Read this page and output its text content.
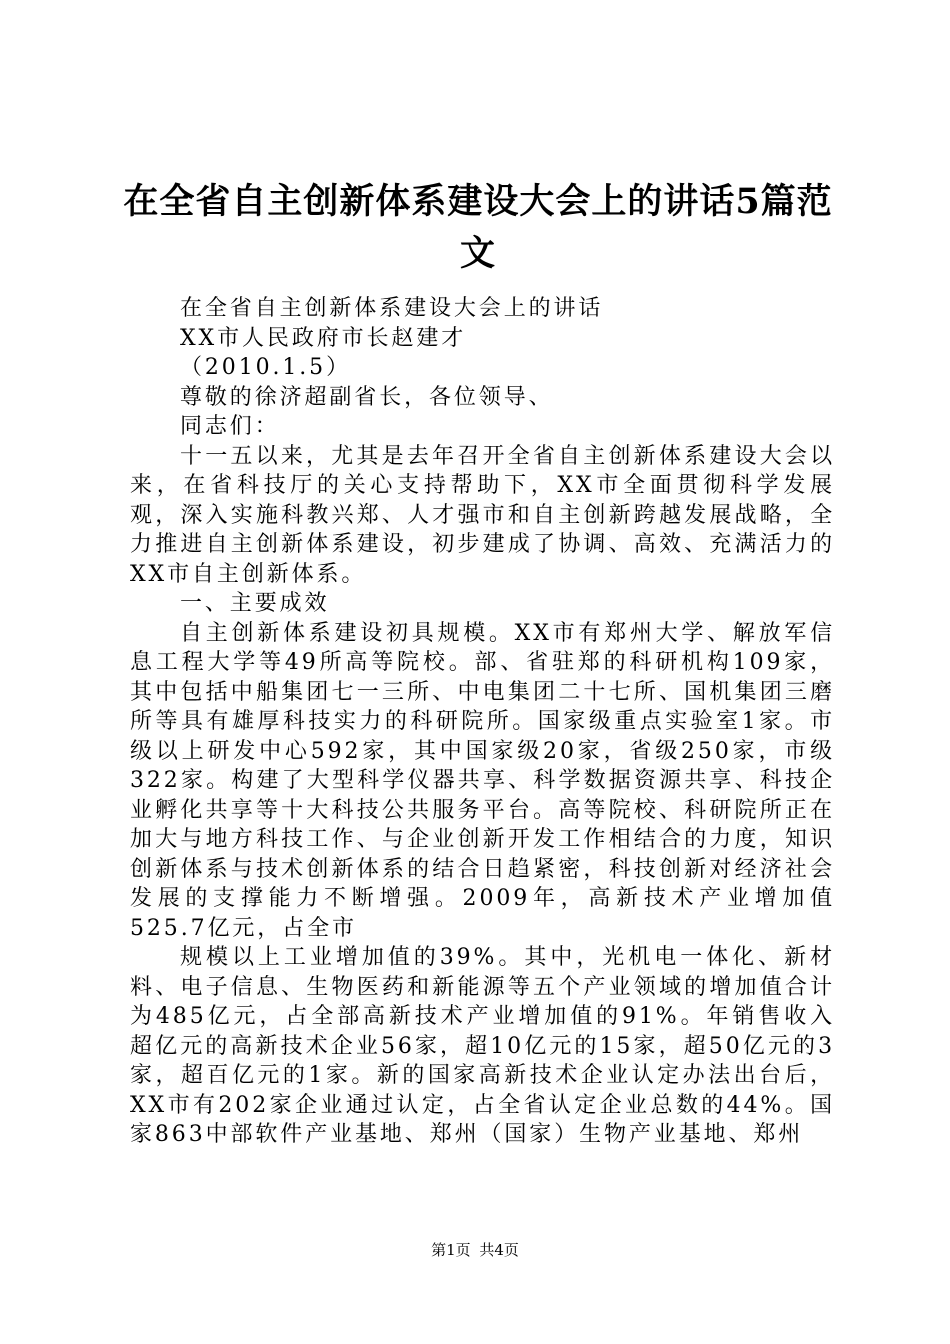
在全省自主创新体系建设大会上的讲话5篇范文

在全省自主创新体系建设大会上的讲话

XX市人民政府市长赵建才

（2010.1.5）

尊敬的徐济超副省长，各位领导、

同志们：

十一五以来，尤其是去年召开全省自主创新体系建设大会以来，在省科技厅的关心支持帮助下，XX市全面贯彻科学发展观，深入实施科教兴郑、人才强市和自主创新跨越发展战略，全力推进自主创新体系建设，初步建成了协调、高效、充满活力的XX市自主创新体系。

一、主要成效

自主创新体系建设初具规模。XX市有郑州大学、解放军信息工程大学等49所高等院校。部、省驻郑的科研机构109家，其中包括中船集团七一三所、中电集团二十七所、国机集团三磨所等具有雄厚科技实力的科研院所。国家级重点实验室1家。市级以上研发中心592家，其中国家级20家，省级250家，市级322家。构建了大型科学仪器共享、科学数据资源共享、科技企业孵化共享等十大科技公共服务平台。高等院校、科研院所正在加大与地方科技工作、与企业创新开发工作相结合的力度，知识创新体系与技术创新体系的结合日趋紧密，科技创新对经济社会发展的支撑能力不断增强。2009年，高新技术产业增加值525.7亿元，占全市

规模以上工业增加值的39%。其中，光机电一体化、新材料、电子信息、生物医药和新能源等五个产业领域的增加值合计为485亿元，占全部高新技术产业增加值的91%。年销售收入超亿元的高新技术企业56家，超10亿元的15家，超50亿元的3家，超百亿元的1家。新的国家高新技术企业认定办法出台后，XX市有202家企业通过认定，占全省认定企业总数的44%。国家863中部软件产业基地、郑州（国家）生物产业基地、郑州

第1页 共4页
